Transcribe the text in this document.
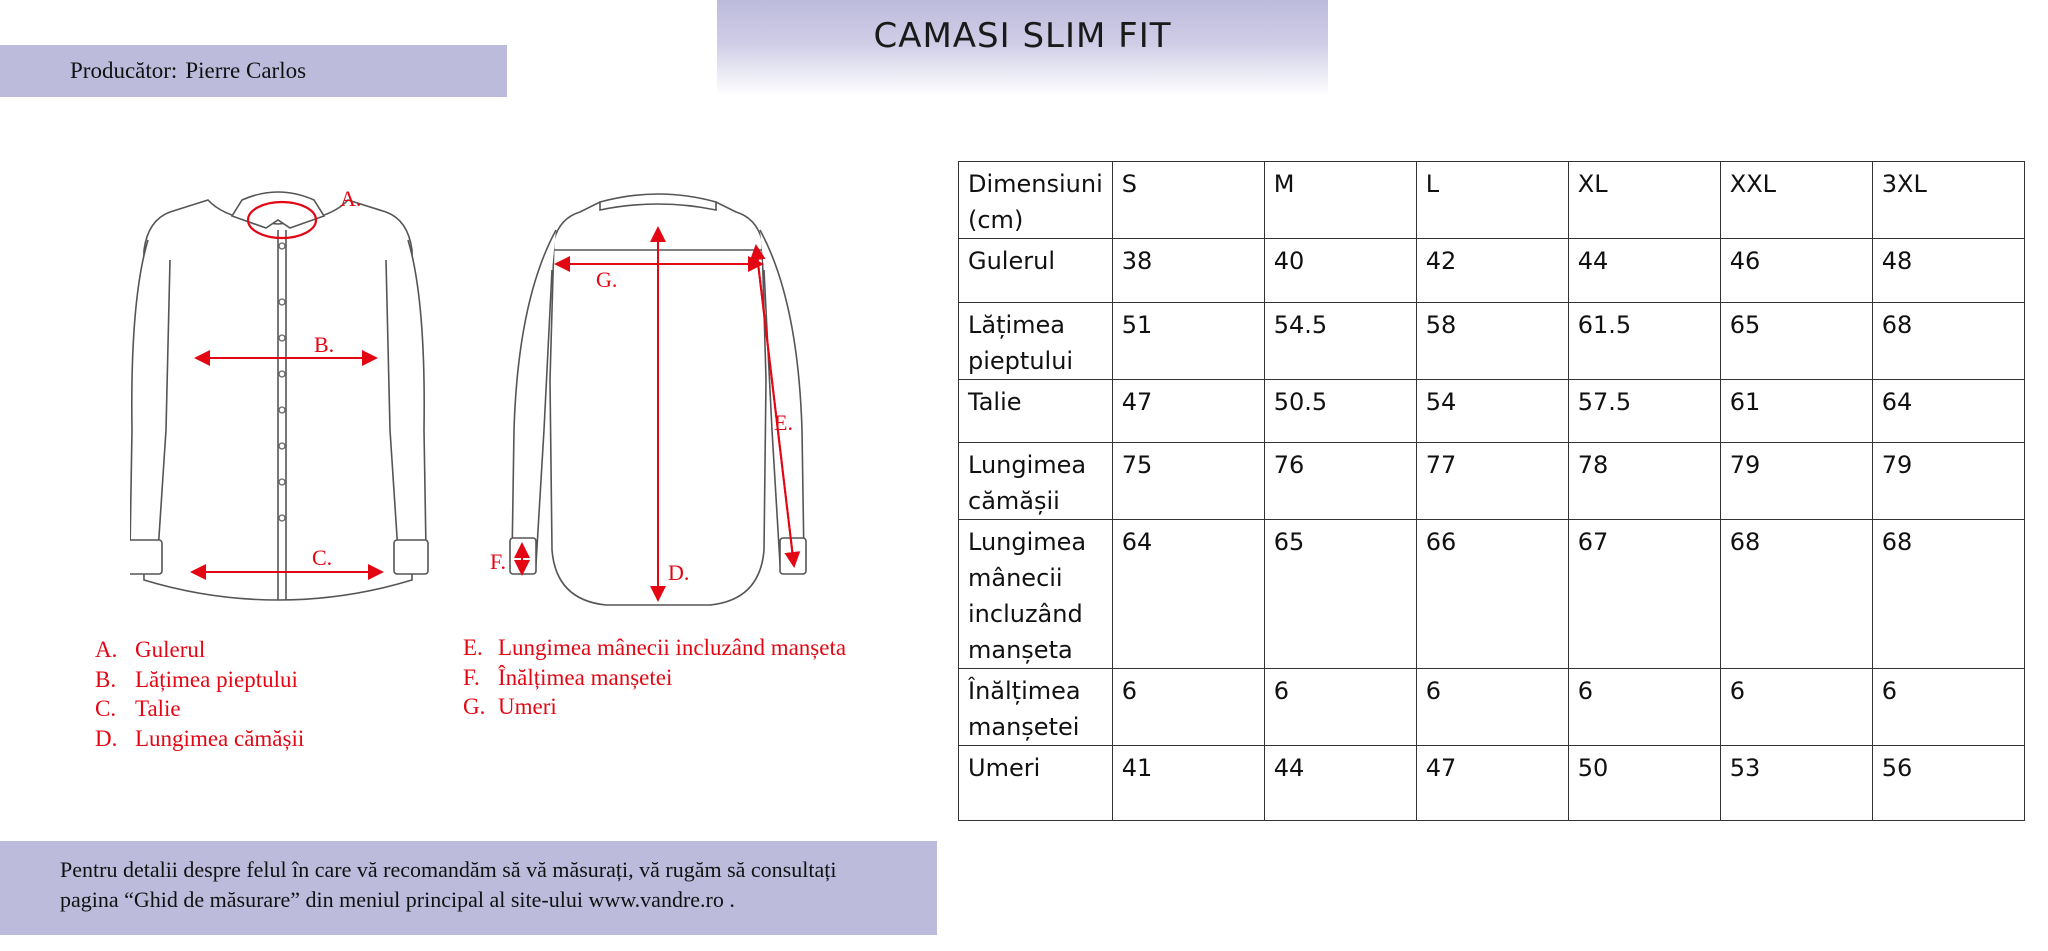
CAMASI SLIM FIT
Producător: Pierre Carlos
A.
B.
C.
G.
E.
F.	D.
A. Gulerul
B. Lățimea pieptului
C. Talie
D. Lungimea cămășii
E. Lungimea mânecii incluzând manșeta
F. Înălțimea manșetei
G. Umeri
Dimensiuni
(cm)	S	M	L	XL	XXL	3XL

Gulerul	38	40	42	44	46	48

Lățimea
pieptului	51	54.5	58	61.5	65	68

Talie	47	50.5	54	57.5	61	64

Lungimea
cămășii	75	76	77	78	79	79

Lungimea
mânecii
incluzând
manșeta	64	65	66	67	68	68

Înălțimea
manșetei	6	6	6	6	6	6

Umeri	41	44	47	50	53	56

Pentru detalii despre felul în care vă recomandăm să vă măsurați, vă rugăm să consultați
pagina “Ghid de măsurare” din meniul principal al site-ului www.vandre.ro .
